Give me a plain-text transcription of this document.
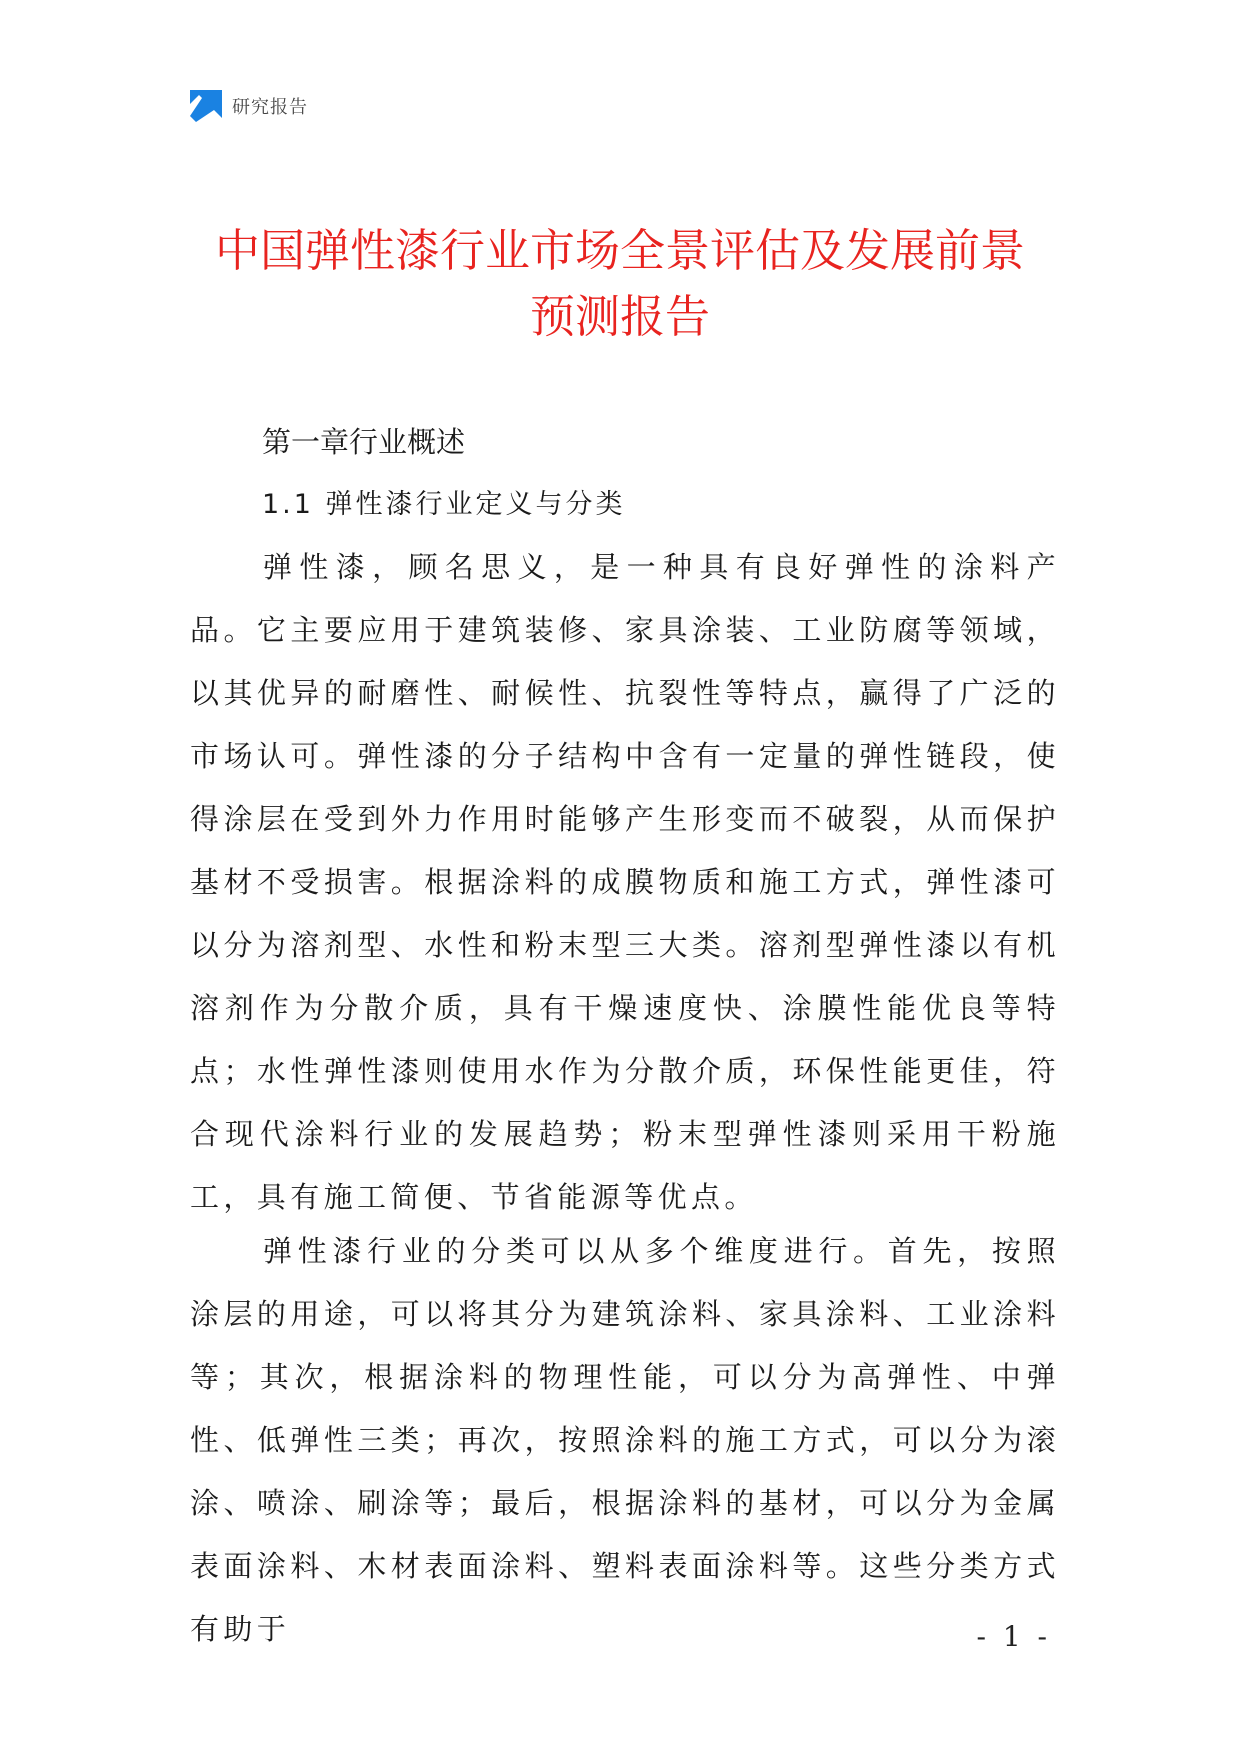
研究报告
中国弹性漆行业市场全景评估及发展前景
预测报告
第一章行业概述
1.1 弹性漆行业定义与分类

弹性漆，顾名思义，是一种具有良好弹性的涂料产品。它主要应用于建筑装修、家具涂装、工业防腐等领域，以其优异的耐磨性、耐候性、抗裂性等特点，赢得了广泛的市场认可。弹性漆的分子结构中含有一定量的弹性链段，使得涂层在受到外力作用时能够产生形变而不破裂，从而保护基材不受损害。根据涂料的成膜物质和施工方式，弹性漆可以分为溶剂型、水性和粉末型三大类。溶剂型弹性漆以有机溶剂作为分散介质，具有干燥速度快、涂膜性能优良等特点；水性弹性漆则使用水作为分散介质，环保性能更佳，符合现代涂料行业的发展趋势；粉末型弹性漆则采用干粉施工，具有施工简便、节省能源等优点。

弹性漆行业的分类可以从多个维度进行。首先，按照涂层的用途，可以将其分为建筑涂料、家具涂料、工业涂料等；其次，根据涂料的物理性能，可以分为高弹性、中弹性、低弹性三类；再次，按照涂料的施工方式，可以分为滚涂、喷涂、刷涂等；最后，根据涂料的基材，可以分为金属表面涂料、木材表面涂料、塑料表面涂料等。这些分类方式有助于	- 1 -
